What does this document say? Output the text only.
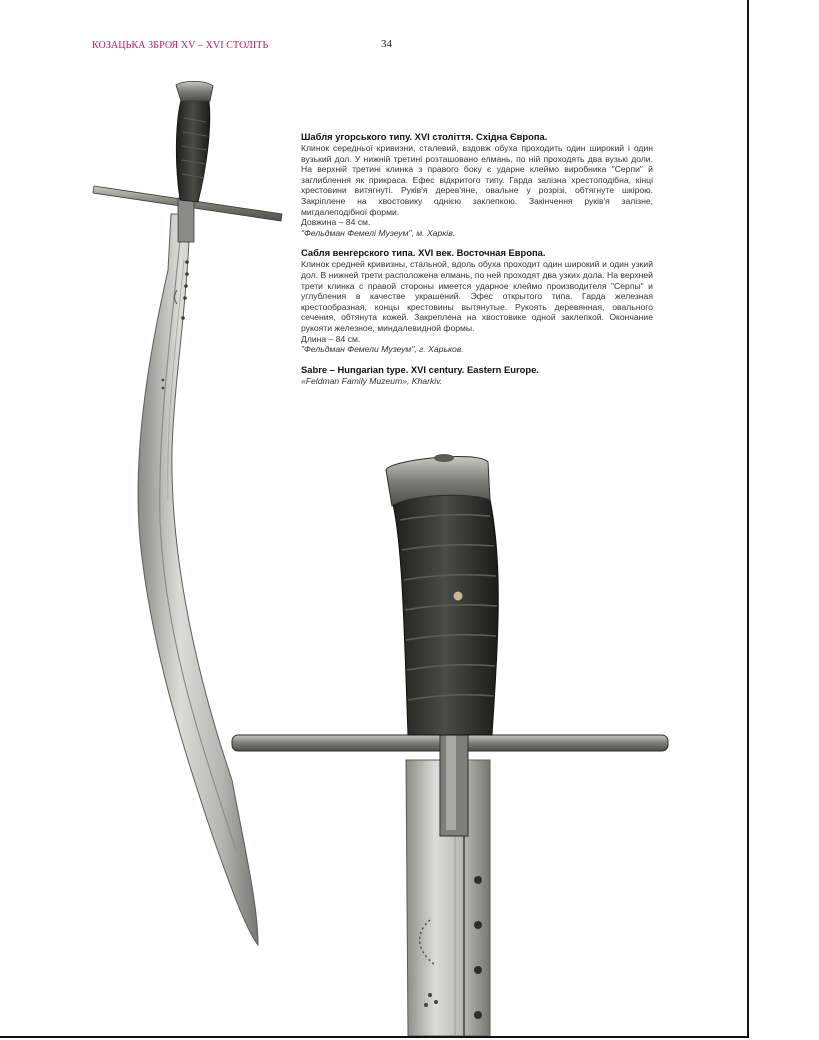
КОЗАЦЬКА ЗБРОЯ XV – XVI СТОЛІТЬ	34
Шабля угорського типу. XVI століття. Східна Європа.
Клинок середньої кривизни, сталевий, вздовж обуха проходить один широкий і один вузький дол. У нижній третині розташовано елмань, по ній проходять два вузькі доли. На верхній третині клинка з правого боку є ударне клеймо виробника "Серпи" й заглиблення як прикраса. Ефес відкритого типу. Гарда залізна хрестоподібна, кінці хрестовини витягнуті. Руків'я дерев'яне, овальне у розрізі, обтягнуте шкірою. Закріплене на хвостовику однією заклепкою. Закінчення руків'я залізне, мигдалеподібної форми.
Довжина – 84 см.
"Фельдман Фемелі Музеум", м. Харків.
Сабля венгерского типа. XVI век. Восточная Европа.
Клинок средней кривизны, стальной, вдоль обуха проходит один широкий и один узкий дол. В нижней трети расположена елмань, по ней проходят два узких дола. На верхней трети клинка с правой стороны имеется ударное клеймо производителя "Серпы" и углубления в качестве украшений. Эфес открытого типа. Гарда железная крестообразная, концы крестовины вытянутые. Рукоять деревянная, овального сечения, обтянута кожей. Закреплена на хвостовике одной заклепкой. Окончание рукояти железное, миндалевидной формы.
Длина – 84 см.
"Фельдман Фемели Музеум", г. Харьков.
Sabre – Hungarian type. XVI century. Eastern Europe.
«Feldman Family Muzeum», Kharkiv.
